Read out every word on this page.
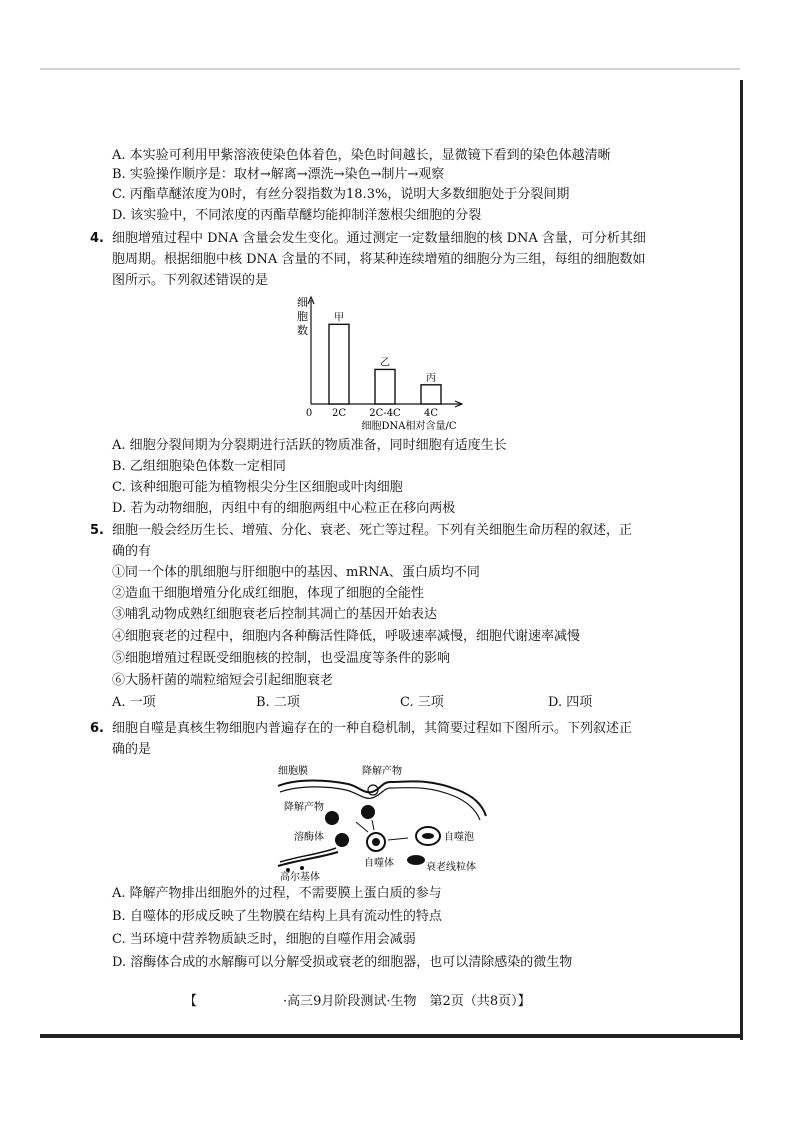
A. 本实验可利用甲紫溶液使染色体着色，染色时间越长，显微镜下看到的染色体越清晰
B. 实验操作顺序是：取材→解离→漂洗→染色→制片→观察
C. 丙酯草醚浓度为0时，有丝分裂指数为18.3%，说明大多数细胞处于分裂间期
D. 该实验中，不同浓度的丙酯草醚均能抑制洋葱根尖细胞的分裂
4. 细胞增殖过程中 DNA 含量会发生变化。通过测定一定数量细胞的核 DNA 含量，可分析其细
胞周期。根据细胞中核 DNA 含量的不同，将某种连续增殖的细胞分为三组，每组的细胞数如
图所示。下列叙述错误的是
细
胞
数
0
甲
2C
乙
2C-4C
丙
4C
细胞DNA相对含量/C
A. 细胞分裂间期为分裂期进行活跃的物质准备，同时细胞有适度生长
B. 乙组细胞染色体数一定相同
C. 该种细胞可能为植物根尖分生区细胞或叶肉细胞
D. 若为动物细胞，丙组中有的细胞两组中心粒正在移向两极
5. 细胞一般会经历生长、增殖、分化、衰老、死亡等过程。下列有关细胞生命历程的叙述，正
确的有
①同一个体的肌细胞与肝细胞中的基因、mRNA、蛋白质均不同
②造血干细胞增殖分化成红细胞，体现了细胞的全能性
③哺乳动物成熟红细胞衰老后控制其凋亡的基因开始表达
④细胞衰老的过程中，细胞内各种酶活性降低，呼吸速率减慢，细胞代谢速率减慢
⑤细胞增殖过程既受细胞核的控制，也受温度等条件的影响
⑥大肠杆菌的端粒缩短会引起细胞衰老
A. 一项	B. 二项	C. 三项	D. 四项
6. 细胞自噬是真核生物细胞内普遍存在的一种自稳机制，其简要过程如下图所示。下列叙述正
确的是
细胞膜	降解产物
降解产物
溶酶体
自噬体
自噬泡
衰老线粒体
高尔基体
A. 降解产物排出细胞外的过程，不需要膜上蛋白质的参与
B. 自噬体的形成反映了生物膜在结构上具有流动性的特点
C. 当环境中营养物质缺乏时，细胞的自噬作用会减弱
D. 溶酶体合成的水解酶可以分解受损或衰老的细胞器，也可以清除感染的微生物
【	·高三9月阶段测试·生物　第2页（共8页）】
